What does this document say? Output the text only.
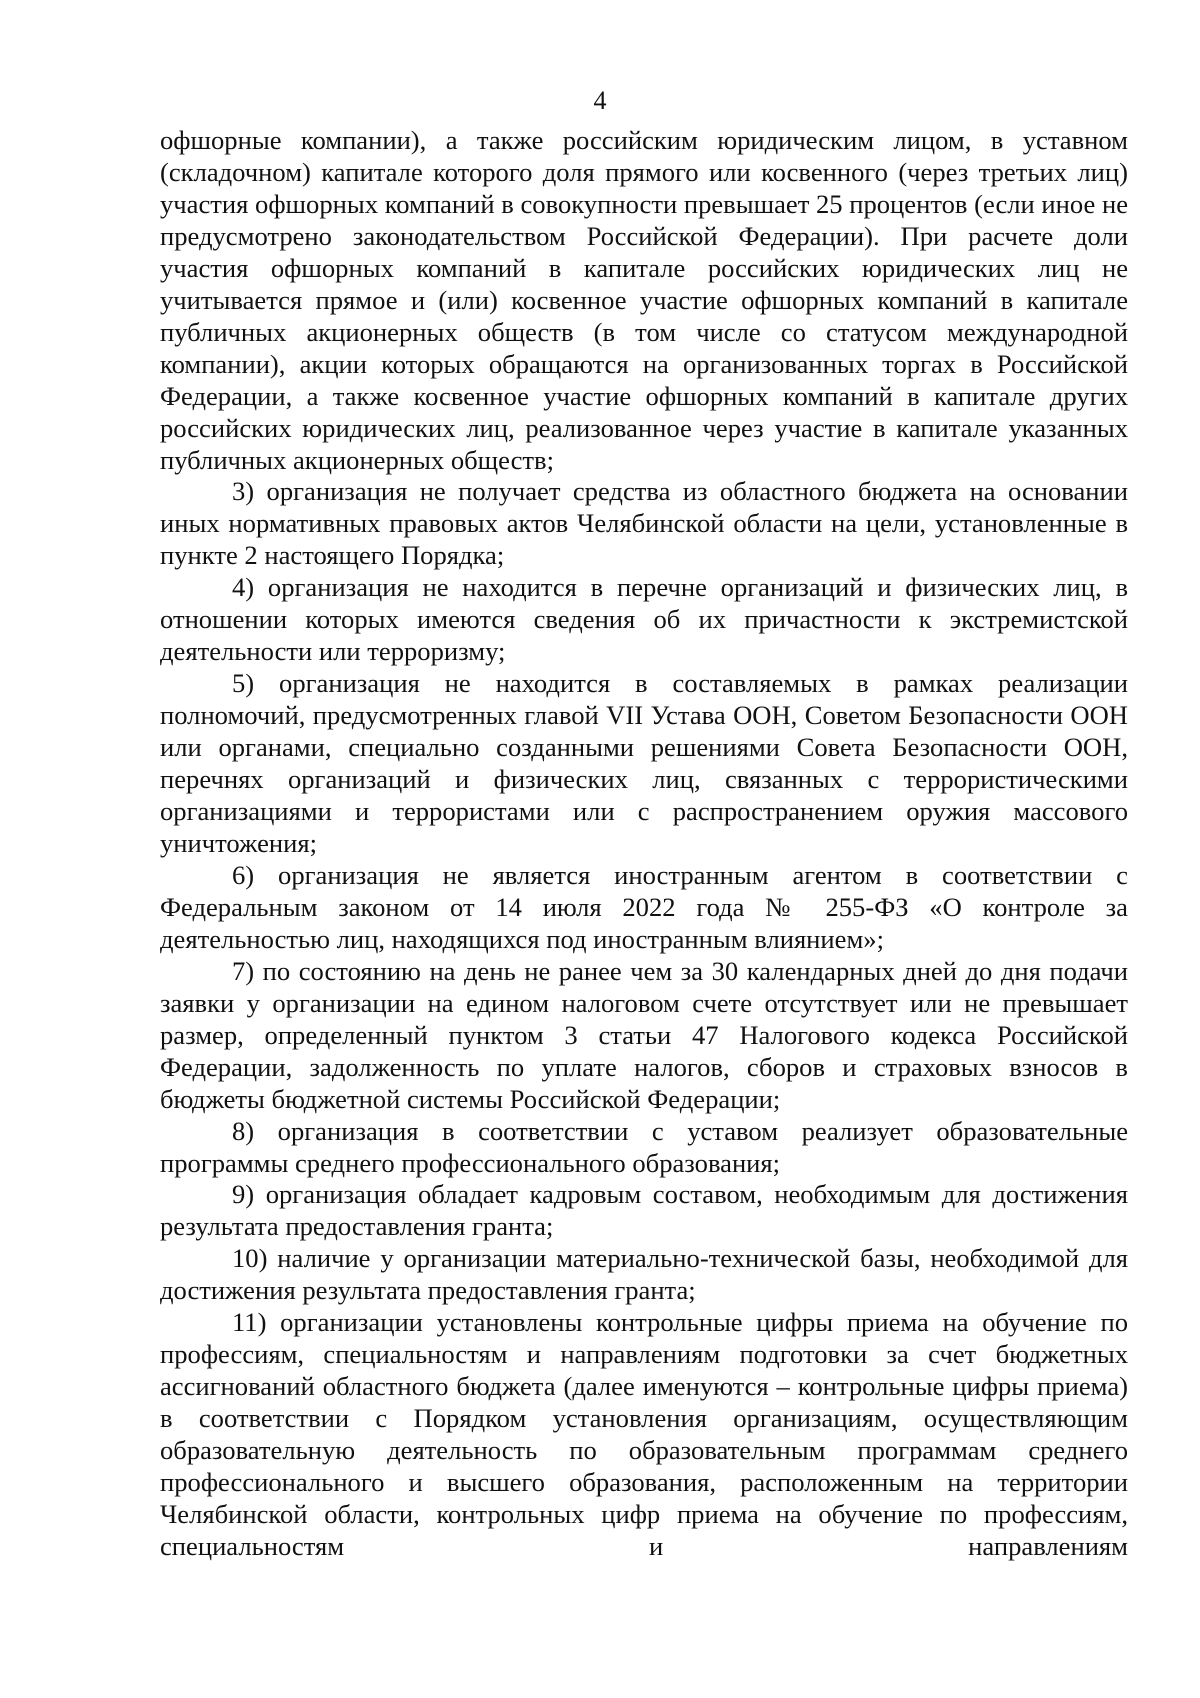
4

офшорные компании), а также российским юридическим лицом, в уставном (складочном) капитале которого доля прямого или косвенного (через третьих лиц) участия офшорных компаний в совокупности превышает 25 процентов (если иное не предусмотрено законодательством Российской Федерации). При расчете доли участия офшорных компаний в капитале российских юридических лиц не учитывается прямое и (или) косвенное участие офшорных компаний в капитале публичных акционерных обществ (в том числе со статусом международной компании), акции которых обращаются на организованных торгах в Российской Федерации, а также косвенное участие офшорных компаний в капитале других российских юридических лиц, реализованное через участие в капитале указанных публичных акционерных обществ;

3) организация не получает средства из областного бюджета на основании иных нормативных правовых актов Челябинской области на цели, установленные в пункте 2 настоящего Порядка;

4) организация не находится в перечне организаций и физических лиц, в отношении которых имеются сведения об их причастности к экстремистской деятельности или терроризму;

5) организация не находится в составляемых в рамках реализации полномочий, предусмотренных главой VII Устава ООН, Советом Безопасности ООН или органами, специально созданными решениями Совета Безопасности ООН, перечнях организаций и физических лиц, связанных с террористическими организациями и террористами или с распространением оружия массового уничтожения;

6) организация не является иностранным агентом в соответствии с Федеральным законом от 14 июля 2022 года № 255-ФЗ «О контроле за деятельностью лиц, находящихся под иностранным влиянием»;

7) по состоянию на день не ранее чем за 30 календарных дней до дня подачи заявки у организации на едином налоговом счете отсутствует или не превышает размер, определенный пунктом 3 статьи 47 Налогового кодекса Российской Федерации, задолженность по уплате налогов, сборов и страховых взносов в бюджеты бюджетной системы Российской Федерации;

8) организация в соответствии с уставом реализует образовательные программы среднего профессионального образования;

9) организация обладает кадровым составом, необходимым для достижения результата предоставления гранта;

10) наличие у организации материально-технической базы, необходимой для достижения результата предоставления гранта;

11) организации установлены контрольные цифры приема на обучение по профессиям, специальностям и направлениям подготовки за счет бюджетных ассигнований областного бюджета (далее именуются – контрольные цифры приема) в соответствии с Порядком установления организациям, осуществляющим образовательную деятельность по образовательным программам среднего профессионального и высшего образования, расположенным на территории Челябинской области, контрольных цифр приема на обучение по профессиям, специальностям и направлениям
